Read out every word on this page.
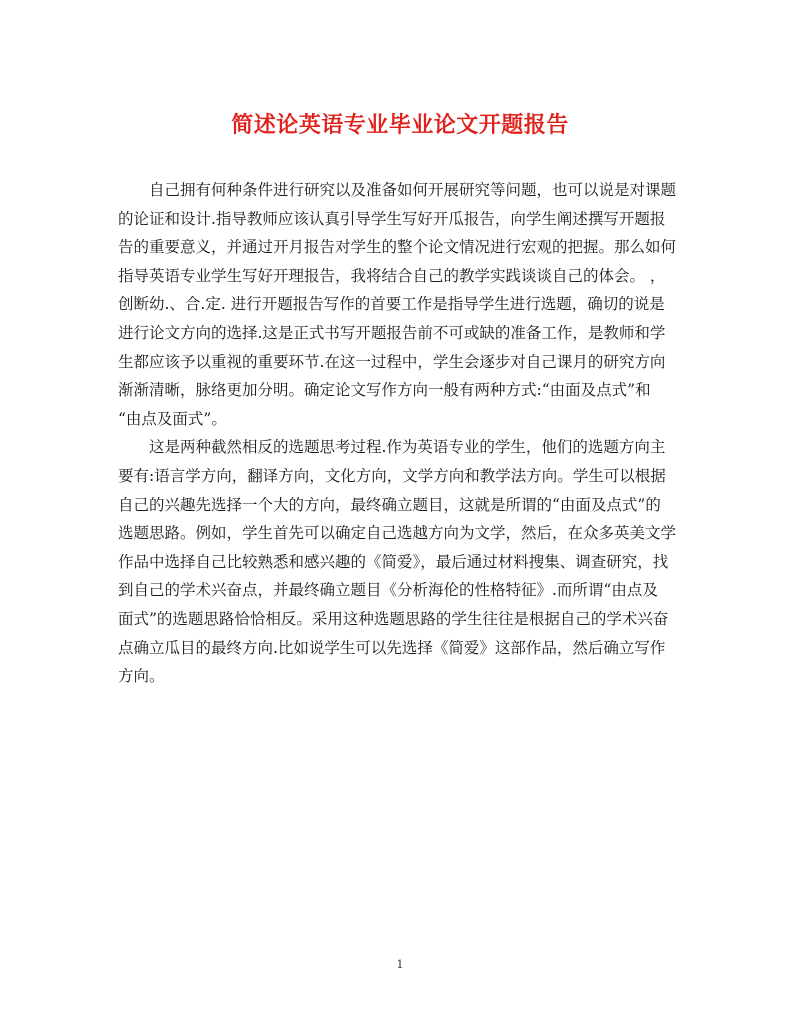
简述论英语专业毕业论文开题报告
自己拥有何种条件进行研究以及准备如何开展研究等问题，也可以说是对课题
的论证和设计.指导教师应该认真引导学生写好开瓜报告，向学生阐述撰写开题报
告的重要意义，并通过开月报告对学生的整个论文情况进行宏观的把握。那么如何
指导英语专业学生写好开理报告，我将结合自己的教学实践谈谈自己的体会。 ，
创断幼.、合.定. 进行开题报告写作的首要工作是指导学生进行选题，确切的说是
进行论文方向的选择.这是正式书写开题报告前不可或缺的准备工作，是教师和学
生都应该予以重视的重要环节.在这一过程中，学生会逐步对自己课月的研究方向
渐渐清晰，脉络更加分明。确定论文写作方向一般有两种方式:“由面及点式”和
“由点及面式”。
这是两种截然相反的选题思考过程.作为英语专业的学生，他们的选题方向主
要有:语言学方向，翻译方向，文化方向，文学方向和教学法方向。学生可以根据
自己的兴趣先选择一个大的方向，最终确立题目，这就是所谓的“由面及点式”的
选题思路。例如，学生首先可以确定自己选越方向为文学，然后，在众多英美文学
作品中选择自己比较熟悉和感兴趣的《简爱》，最后通过材料搜集、调查研究，找
到自己的学术兴奋点，并最终确立题目《分析海伦的性格特征》.而所谓“由点及
面式”的选题思路恰恰相反。采用这种选题思路的学生往往是根据自己的学术兴奋
点确立瓜目的最终方向.比如说学生可以先选择《简爱》这部作品，然后确立写作
方向。
1
